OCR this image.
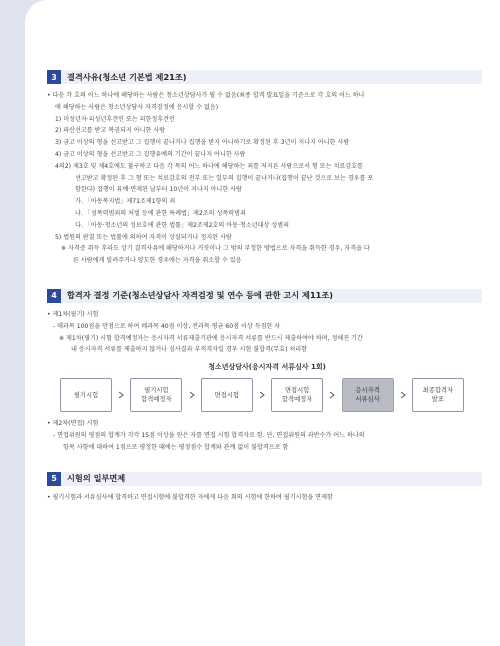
3	결격사유(청소년 기본법 제21조)
• 다음 각 호의 어느 하나에 해당하는 사람은 청소년상담사가 될 수 없음(최종 합격 발표일을 기준으로 각 호의 어느 하나
에 해당하는 사람은 청소년상담사 자격검정에 응시할 수 없음)
1) 미성년자·피성년후견인 또는 피한정후견인
2) 파산선고를 받고 복권되지 아니한 사람
3) 금고 이상의 형을 선고받고 그 집행이 끝나거나 집행을 받지 아니하기로 확정된 후 3년이 지나지 아니한 사람
4) 금고 이상의 형을 선고받고 그 집행유예의 기간이 끝나지 아니한 사람
4의2) 제3호 및 제4호에도 불구하고 다음 각 목의 어느 하나에 해당하는 죄를 저지른 사람으로서 형 또는 치료감호를
선고받고 확정된 후 그 형 또는 치료감호의 전부 또는 일부의 집행이 끝나거나(집행이 끝난 것으로 보는 경우를 포
함한다) 집행이 유예·면제된 날부터 10년이 지나지 아니한 사람
가. 「아동복지법」제71조제1항의 죄
나. 「성폭력범죄의 처벌 등에 관한 특례법」제2조의 성폭력범죄
다. 「아동·청소년의 성보호에 관한 법률」제2조제2호의 아동·청소년대상 성범죄
5) 법원의 판결 또는 법률에 의하여 자격이 상실되거나 정지된 사람
※ 자격증 취득 후라도 상기 결격사유에 해당하거나 거짓이나 그 밖의 부정한 방법으로 자격을 취득한 경우, 자격을 다
른 사람에게 빌려주거나 양도한 경우에는 자격을 취소할 수 있음
4	합격자 결정 기준(청소년상담사 자격검정 및 연수 등에 관한 고시 제11조)
• 제1차(필기) 시험
- 매과목 100점을 만점으로 하여 매과목 40점 이상, 전과목 평균 60점 이상 득점한 자
※ 제1차(필기) 시험 합격예정자는 응시자격 서류제출기관에 응시자격 서류를 반드시 제출하여야 하며, 정해진 기간
내 응시자격 서류를 제출하지 않거나 심사결과 부적격자일 경우 시험 불합격(무효) 처리함
청소년상담사(응시자격 서류심사 1회)
필기시험
필기시험
합격예정자
면접시험
면접시험
합격예정자
응시자격
서류심사
최종합격자
발표
• 제2차(면접) 시험
- 면접위원의 평점의 합계가 각각 15점 이상을 얻은 자를 면접 시험 합격자로 함. 단, 면접위원의 과반수가 어느 하나의
항목 사항에 대하여 1점으로 평정한 때에는 평정점수 합계와 관계 없이 불합격으로 함
5	시험의 일부면제
• 필기시험과 서류심사에 합격하고 면접시험에 불합격한 자에게 다음 회의 시험에 한하여 필기시험을 면제함
